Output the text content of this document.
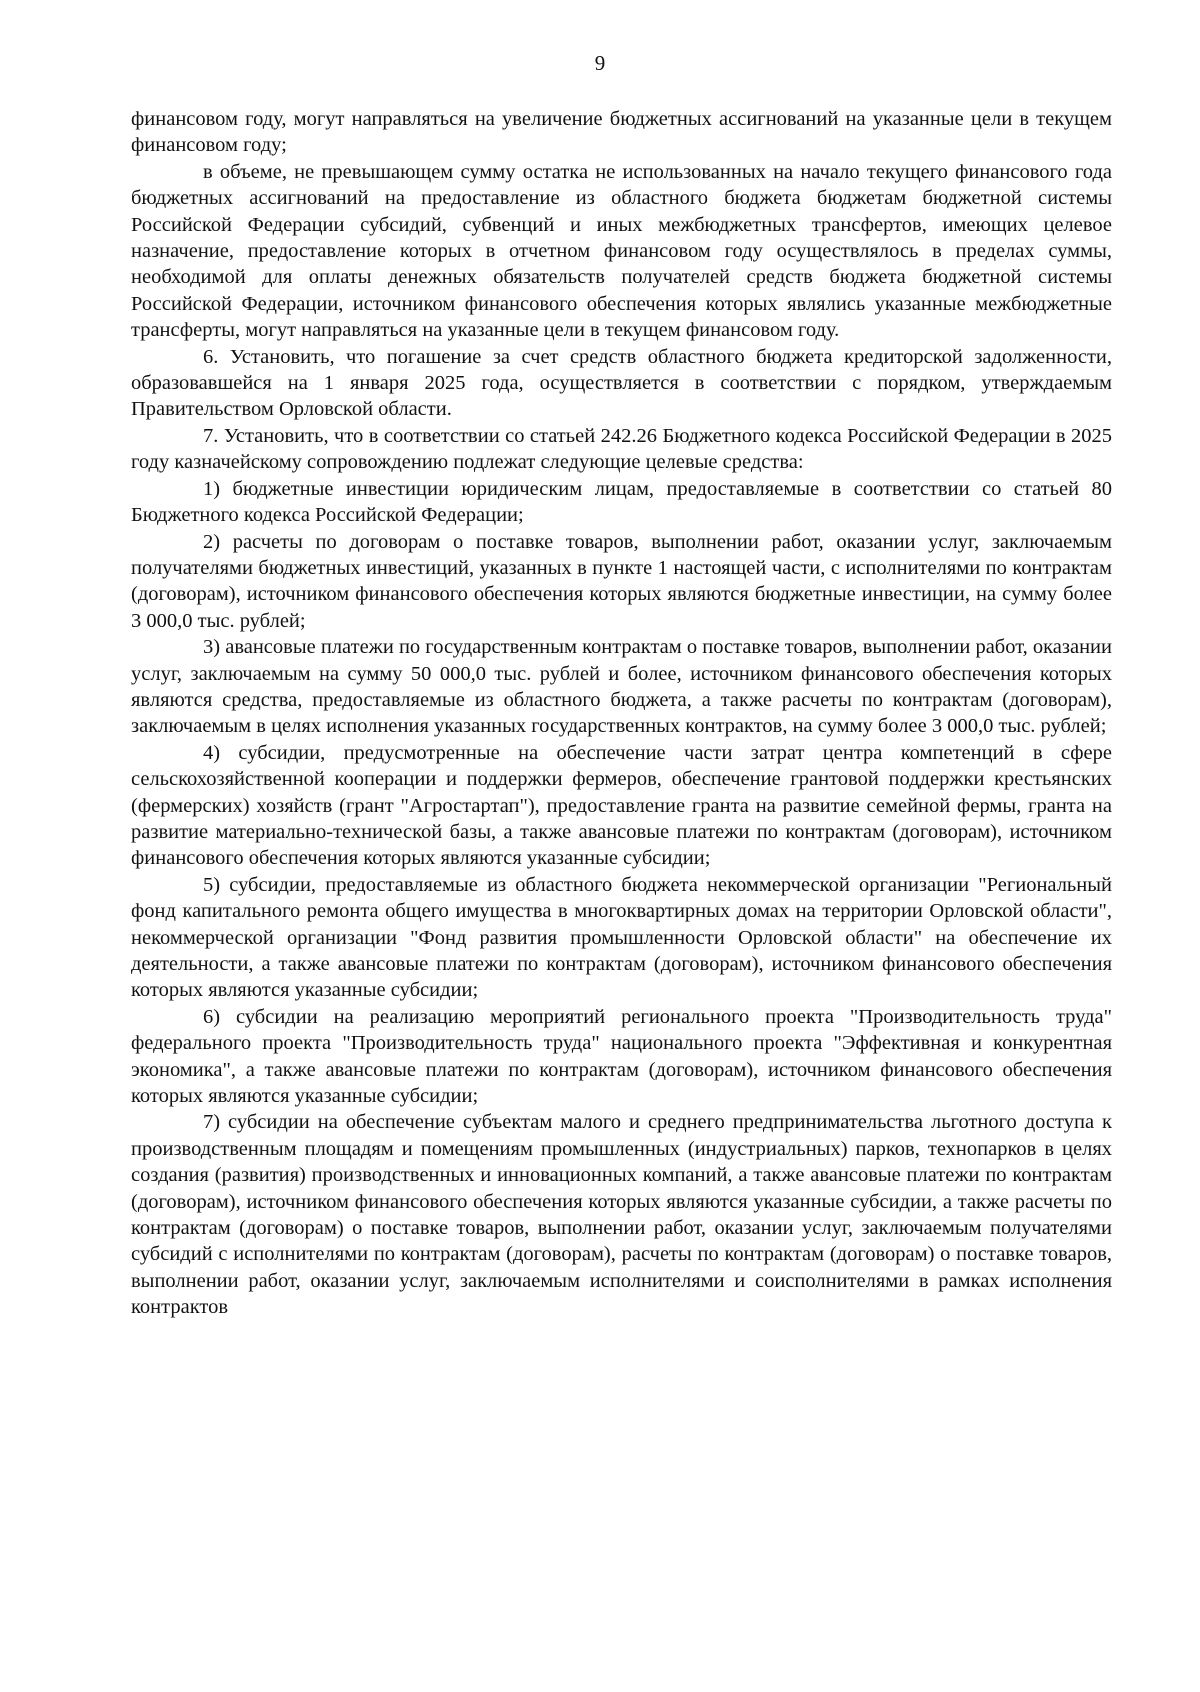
9

финансовом году, могут направляться на увеличение бюджетных ассигнований на указанные цели в текущем финансовом году;

в объеме, не превышающем сумму остатка не использованных на начало текущего финансового года бюджетных ассигнований на предоставление из областного бюджета бюджетам бюджетной системы Российской Федерации субсидий, субвенций и иных межбюджетных трансфертов, имеющих целевое назначение, предоставление которых в отчетном финансовом году осуществлялось в пределах суммы, необходимой для оплаты денежных обязательств получателей средств бюджета бюджетной системы Российской Федерации, источником финансового обеспечения которых являлись указанные межбюджетные трансферты, могут направляться на указанные цели в текущем финансовом году.

6. Установить, что погашение за счет средств областного бюджета кредиторской задолженности, образовавшейся на 1 января 2025 года, осуществляется в соответствии с порядком, утверждаемым Правительством Орловской области.

7. Установить, что в соответствии со статьей 242.26 Бюджетного кодекса Российской Федерации в 2025 году казначейскому сопровождению подлежат следующие целевые средства:

1) бюджетные инвестиции юридическим лицам, предоставляемые в соответствии со статьей 80 Бюджетного кодекса Российской Федерации;

2) расчеты по договорам о поставке товаров, выполнении работ, оказании услуг, заключаемым получателями бюджетных инвестиций, указанных в пункте 1 настоящей части, с исполнителями по контрактам (договорам), источником финансового обеспечения которых являются бюджетные инвестиции, на сумму более 3 000,0 тыс. рублей;

3) авансовые платежи по государственным контрактам о поставке товаров, выполнении работ, оказании услуг, заключаемым на сумму 50 000,0 тыс. рублей и более, источником финансового обеспечения которых являются средства, предоставляемые из областного бюджета, а также расчеты по контрактам (договорам), заключаемым в целях исполнения указанных государственных контрактов, на сумму более 3 000,0 тыс. рублей;

4) субсидии, предусмотренные на обеспечение части затрат центра компетенций в сфере сельскохозяйственной кооперации и поддержки фермеров, обеспечение грантовой поддержки крестьянских (фермерских) хозяйств (грант "Агростартап"), предоставление гранта на развитие семейной фермы, гранта на развитие материально-технической базы, а также авансовые платежи по контрактам (договорам), источником финансового обеспечения которых являются указанные субсидии;

5) субсидии, предоставляемые из областного бюджета некоммерческой организации "Региональный фонд капитального ремонта общего имущества в многоквартирных домах на территории Орловской области", некоммерческой организации "Фонд развития промышленности Орловской области" на обеспечение их деятельности, а также авансовые платежи по контрактам (договорам), источником финансового обеспечения которых являются указанные субсидии;

6) субсидии на реализацию мероприятий регионального проекта "Производительность труда" федерального проекта "Производительность труда" национального проекта "Эффективная и конкурентная экономика", а также авансовые платежи по контрактам (договорам), источником финансового обеспечения которых являются указанные субсидии;

7) субсидии на обеспечение субъектам малого и среднего предпринимательства льготного доступа к производственным площадям и помещениям промышленных (индустриальных) парков, технопарков в целях создания (развития) производственных и инновационных компаний, а также авансовые платежи по контрактам (договорам), источником финансового обеспечения которых являются указанные субсидии, а также расчеты по контрактам (договорам) о поставке товаров, выполнении работ, оказании услуг, заключаемым получателями субсидий с исполнителями по контрактам (договорам), расчеты по контрактам (договорам) о поставке товаров, выполнении работ, оказании услуг, заключаемым исполнителями и соисполнителями в рамках исполнения контрактов
